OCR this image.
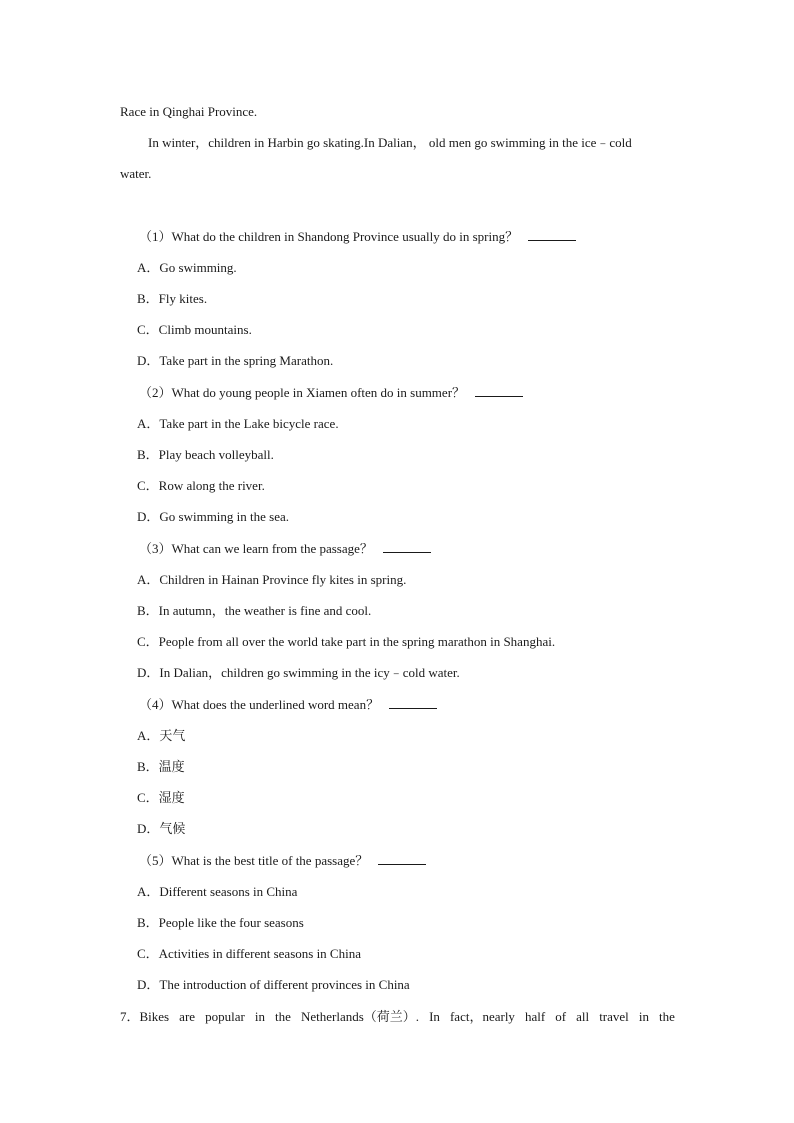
Race in Qinghai Province.
In winter，children in Harbin go skating.In Dalian， old men go swimming in the ice﹣cold
water.
（1）What do the children in Shandong Province usually do in spring？
A．Go swimming.
B．Fly kites.
C．Climb mountains.
D．Take part in the spring Marathon.
（2）What do young people in Xiamen often do in summer？
A．Take part in the Lake bicycle race.
B．Play beach volleyball.
C．Row along the river.
D．Go swimming in the sea.
（3）What can we learn from the passage？
A．Children in Hainan Province fly kites in spring.
B．In autumn，the weather is fine and cool.
C．People from all over the world take part in the spring marathon in Shanghai.
D．In Dalian，children go swimming in the icy﹣cold water.
（4）What does the underlined word mean？
A．天气
B．温度
C．湿度
D．气候
（5）What is the best title of the passage？
A．Different seasons in China
B．People like the four seasons
C．Activities in different seasons in China
D．The introduction of different provinces in China
7．Bikes are popular in the Netherlands（荷兰）. In fact，nearly half of all travel in the
